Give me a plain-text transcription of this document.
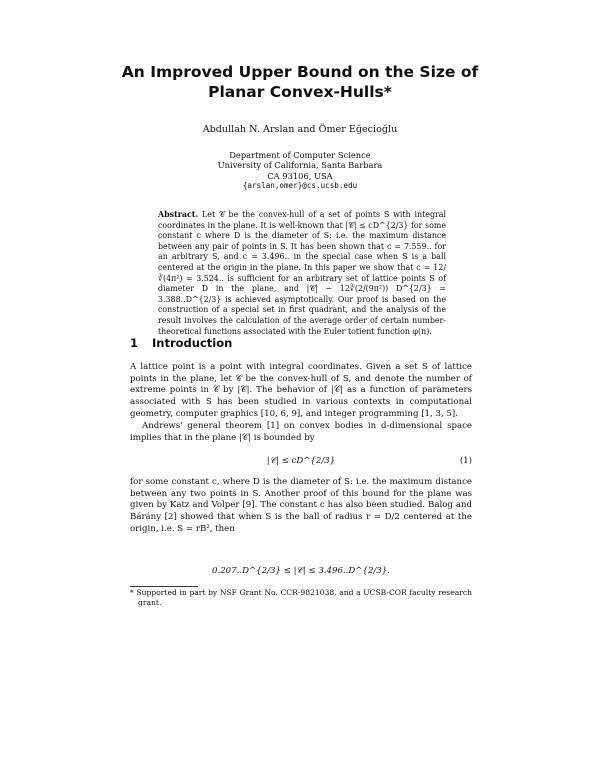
An Improved Upper Bound on the Size of
Planar Convex-Hulls*
Abdullah N. Arslan and Ömer Eğecioğlu
Department of Computer Science
University of California, Santa Barbara
CA 93106, USA
{arslan,omer}@cs.ucsb.edu
Abstract. Let 𝒞 be the convex-hull of a set of points S with integral coordinates in the plane. It is well-known that |𝒞| ≤ cD^{2/3} for some constant c where D is the diameter of S: i.e. the maximum distance between any pair of points in S. It has been shown that c = 7.559.. for an arbitrary S, and c = 3.496.. in the special case when S is a ball centered at the origin in the plane. In this paper we show that c = 12/∛(4π²) = 3.524.. is sufficient for an arbitrary set of lattice points S of diameter D in the plane, and |𝒞| ∼ 12∛(2/(9π²)) D^{2/3} = 3.388..D^{2/3} is achieved asymptotically. Our proof is based on the construction of a special set in first quadrant, and the analysis of the result involves the calculation of the average order of certain number-theoretical functions associated with the Euler totient function φ(n).
1 Introduction
A lattice point is a point with integral coordinates. Given a set S of lattice points in the plane, let 𝒞 be the convex-hull of S, and denote the number of extreme points in 𝒞 by |𝒞|. The behavior of |𝒞| as a function of parameters associated with S has been studied in various contexts in computational geometry, computer graphics [10, 6, 9], and integer programming [1, 3, 5].
Andrews' general theorem [1] on convex bodies in d-dimensional space implies that in the plane |𝒞| is bounded by
|𝒞| ≤ cD^{2/3}	(1)
for some constant c, where D is the diameter of S: i.e. the maximum distance between any two points in S. Another proof of this bound for the plane was given by Katz and Volper [9]. The constant c has also been studied. Balog and Bárány [2] showed that when S is the ball of radius r = D/2 centered at the origin, i.e. S = rB², then
0.207..D^{2/3} ≤ |𝒞| ≤ 3.496..D^{2/3}.
* Supported in part by NSF Grant No. CCR-9821038, and a UCSB-COR faculty research grant.
